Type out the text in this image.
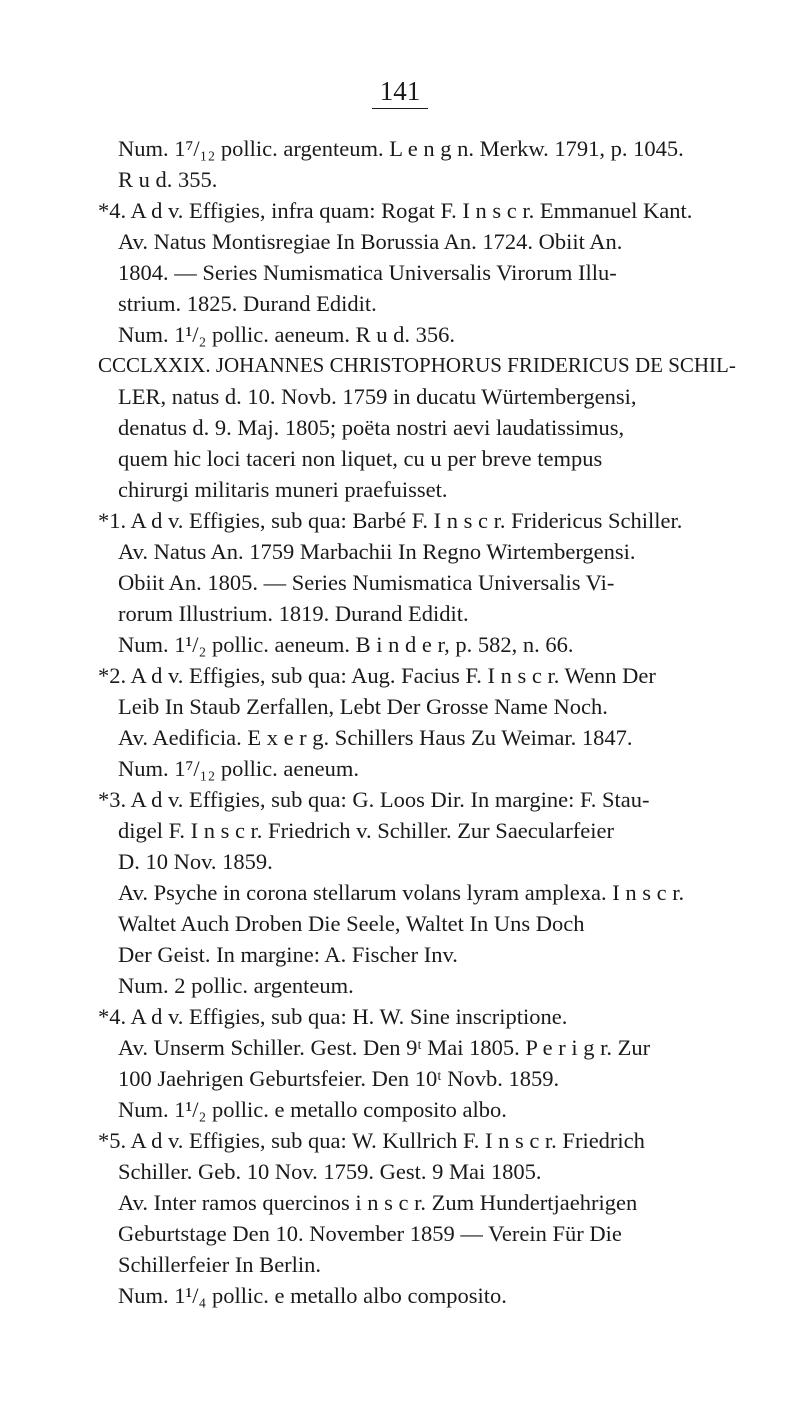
141
Num. 1⁷/₁₂ pollic. argenteum. L e n g n. Merkw. 1791, p. 1045.
R u d. 355.
*4. A d v. Effigies, infra quam: Rogat F. I n s c r. Emmanuel Kant.
Av. Natus Montisregiae In Borussia An. 1724. Obiit An.
1804. — Series Numismatica Universalis Virorum Illu-
strium. 1825. Durand Edidit.
Num. 1¹/₂ pollic. aeneum. R u d. 356.
CCCLXXIX. JOHANNES CHRISTOPHORUS FRIDERICUS DE SCHIL-
LER, natus d. 10. Novb. 1759 in ducatu Würtembergensi,
denatus d. 9. Maj. 1805; poëta nostri aevi laudatissimus,
quem hic loci taceri non liquet, cu u per breve tempus
chirurgi militaris muneri praefuisset.
*1. A d v. Effigies, sub qua: Barbé F. I n s c r. Fridericus Schiller.
Av. Natus An. 1759 Marbachii In Regno Wirtembergensi.
Obiit An. 1805. — Series Numismatica Universalis Vi-
rorum Illustrium. 1819. Durand Edidit.
Num. 1¹/₂ pollic. aeneum. B i n d e r, p. 582, n. 66.
*2. A d v. Effigies, sub qua: Aug. Facius F. I n s c r. Wenn Der
Leib In Staub Zerfallen, Lebt Der Grosse Name Noch.
Av. Aedificia. E x e r g. Schillers Haus Zu Weimar. 1847.
Num. 1⁷/₁₂ pollic. aeneum.
*3. A d v. Effigies, sub qua: G. Loos Dir. In margine: F. Stau-
digel F. I n s c r. Friedrich v. Schiller. Zur Saecularfeier
D. 10 Nov. 1859.
Av. Psyche in corona stellarum volans lyram amplexa. I n s c r.
Waltet Auch Droben Die Seele, Waltet In Uns Doch
Der Geist. In margine: A. Fischer Inv.
Num. 2 pollic. argenteum.
*4. A d v. Effigies, sub qua: H. W. Sine inscriptione.
Av. Unserm Schiller. Gest. Den 9ᵗ Mai 1805. P e r i g r. Zur
100 Jaehrigen Geburtsfeier. Den 10ᵗ Novb. 1859.
Num. 1¹/₂ pollic. e metallo composito albo.
*5. A d v. Effigies, sub qua: W. Kullrich F. I n s c r. Friedrich
Schiller. Geb. 10 Nov. 1759. Gest. 9 Mai 1805.
Av. Inter ramos quercinos i n s c r. Zum Hundertjaehrigen
Geburtstage Den 10. November 1859 — Verein Für Die
Schillerfeier In Berlin.
Num. 1¹/₄ pollic. e metallo albo composito.
